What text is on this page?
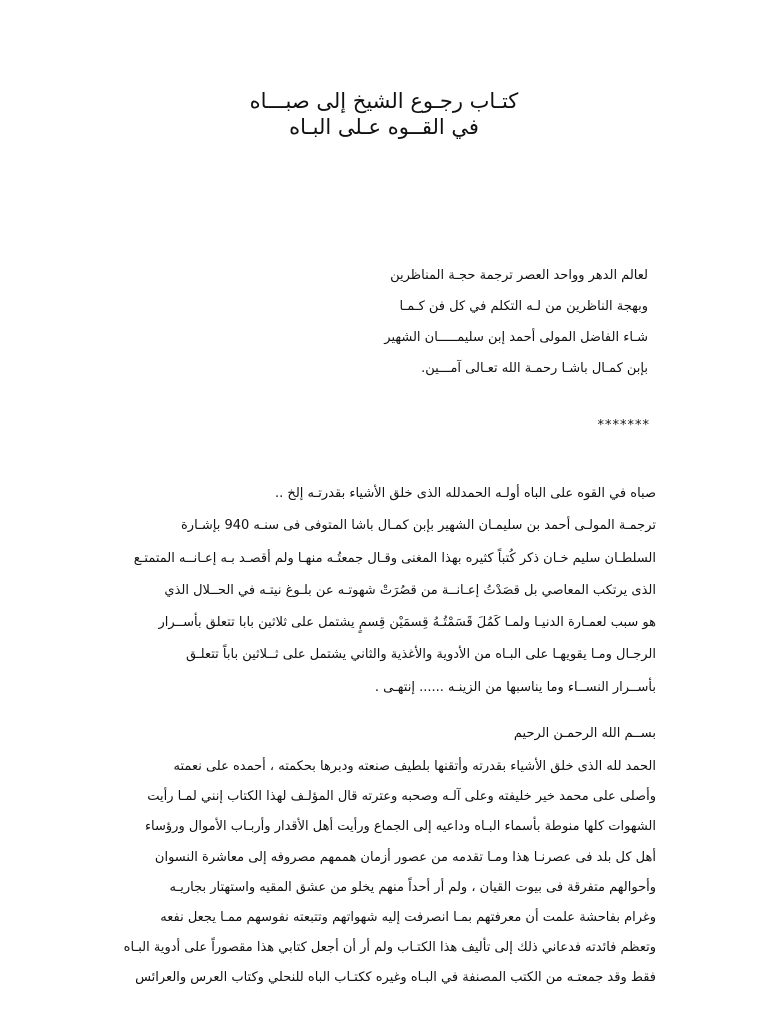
كتـاب رجـوع الشيخ إلى صبـــاه
في القــوه عـلى البـاه
لعالم الدهر وواحد العصر ترجمة حجـة المناظرين
وبهجة الناظرين من لـه التكلم في كل فن كـمـا
شـاء الفاضل المولى أحمد إبن سليمـــــان الشهير
بإبن كمـال باشـا رحمـة الله تعـالى آمـــين.
*******
صباه في القوه على الباه أولـه الحمدلله الذى خلق الأشياء بقدرتـه إلخ ..
ترجمـة المولـى أحمد بن سليمـان الشهير بإبن كمـال باشا المتوفى فى سنـه 940 بإشـارة
السلطـان سليم خـان ذكر كُتباً كثيره بهذا المغنى وقـال جمعتُـه منهـا ولم أقصـد بـه إعـانــه المتمتـع
الذى يرتكب المعاصي بل قصَدْتُ إعـانــة من قصُرَتْ شهوتـه عن بلـوغ نيتـه في الحــلال الذي
هو سبب لعمـارة الدنيـا ولمـا كَمُلَ قَسَمْتُـهُ قِسمَيْن قِسمٍ يشتمل على ثلاثين بابا تتعلق بأســرار
الرجـال ومـا يقويهـا على البـاه من الأدوية والأغذية والثاني يشتمل على ثــلاثين باباً تتعلـق
بأســرار النســاء وما يناسبها من الزينـه ...... إنتهـى .
بســم الله الرحمـن الرحيم
الحمد لله الذى خلق الأشياء بقدرته وأتقنها بلطيف صنعته ودبرها بحكمته ، أحمده على نعمته
وأصلى على محمد خير خليفته وعلى آلـه وصحبه وعترته قال المؤلـف لهذا الكتاب إنني لمـا رأيت
الشهوات كلها منوطة بأسماء البـاه وداعيه إلى الجماع ورأيت أهل الأقدار وأربـاب الأموال ورؤساء
أهل كل بلد فى عصرنـا هذا ومـا تقدمه من عصور أزمان هممهم مصروفه إلى معاشرة النسوان
وأحوالهم متفرقة فى بيوت القيان ، ولم أر أحداً منهم يخلو من عشق المقيه واستهتار بجاريـه
وغرام بفاحشة علمت أن معرفتهم بمـا انصرفت إليه شهواتهم وتتبعته نفوسهم ممـا يجعل نفعه
وتعظم فائدته فدعاني ذلك إلى تأليف هذا الكتـاب ولم أر أن أجعل كتابي هذا مقصوراً على أدوية البـاه
فقط وقد جمعتـه من الكتب المصنفة في البـاه وغيره ككتـاب الباه للنحلي وكتاب العرس والعرائس
